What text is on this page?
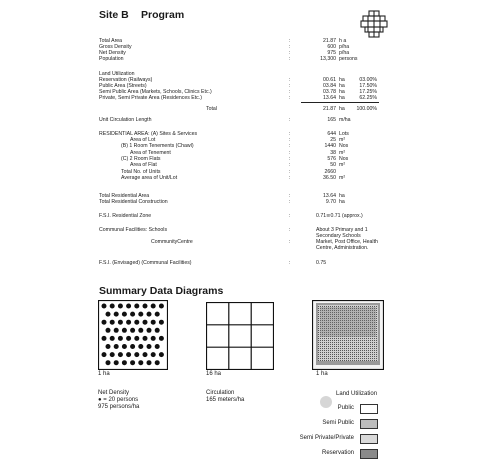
Site B Program
Total Area	:	21.87 h a
Gross Density	:	600 p/ha
Net Density	:	975 p/ha
Population	:	13,300 persons
Land Utilization
Reservation (Railways)	:	00.61 ha	03.00%
Public Area (Streets)	:	03.84 ha	17.50%
Semi Public Area (Markets, Schools, Clinics Etc.)	:	03.78 ha	17.25%
Private, Semi Private Area (Residences Etc.)	:	13.64 ha	62.25%
Total	21.87 ha	100.00%
Unit Circulation Length	:	165 m/ha
RESIDENTIAL AREA: (A) Sites & Services	:	644 Lots
Area of Lot	:	25 m²
(B) 1 Room Tenements (Chawl)	:	1440 Nos
Area of Tenement	:	38 m²
(C) 2 Room Flats	:	576 Nos
Area of Flat	:	50 m²
Total No. of Units	:	2660
Average area of Unit/Lot	:	36.50 m²
Total Residential Area	:	13.64 ha
Total Residential Construction	:	9.70 ha
F.S.I. Residential Zone	:	0.71≅0.71 (approx.)
Communal Facilities: Schools	:	About 3 Primary and 1
Secondary Schools
CommunityCentre	:	Market, Post Office, Health
Centre, Administration.
F.S.I. (Envisaged) (Communal Facilities)	:	0.75
Summary Data Diagrams
1 ha	16 ha	1 ha
Net Density
● = 20 persons
975 persons/ha
Circulation
165 meters/ha
Land Utilization
Public
Semi Public
Semi Private/Private
Reservation
